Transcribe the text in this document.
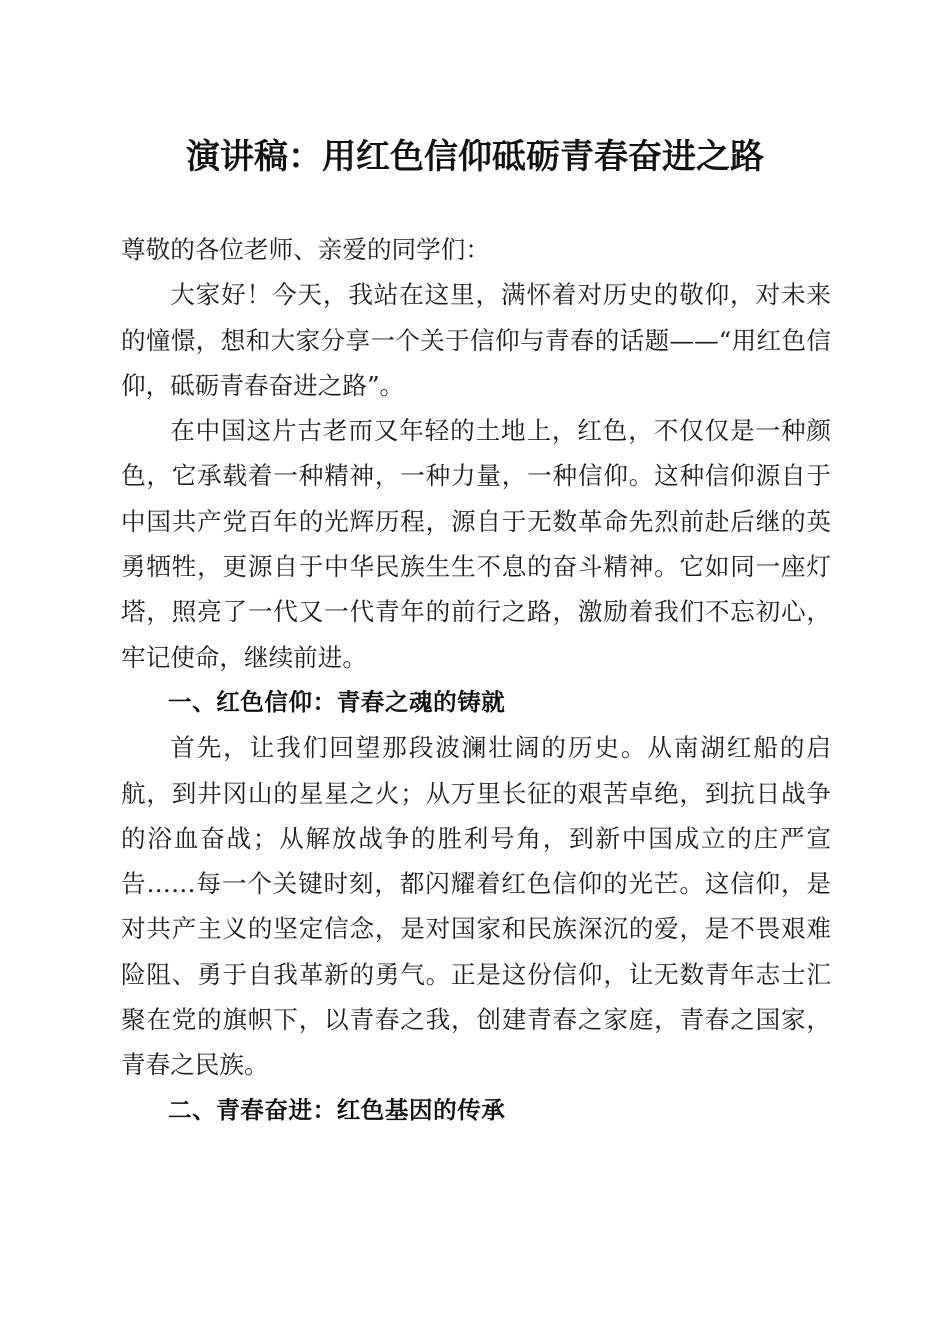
演讲稿：用红色信仰砥砺青春奋进之路

尊敬的各位老师、亲爱的同学们：

大家好！今天，我站在这里，满怀着对历史的敬仰，对未来的憧憬，想和大家分享一个关于信仰与青春的话题——“用红色信仰，砥砺青春奋进之路”。

在中国这片古老而又年轻的土地上，红色，不仅仅是一种颜色，它承载着一种精神，一种力量，一种信仰。这种信仰源自于中国共产党百年的光辉历程，源自于无数革命先烈前赴后继的英勇牺牲，更源自于中华民族生生不息的奋斗精神。它如同一座灯塔，照亮了一代又一代青年的前行之路，激励着我们不忘初心，牢记使命，继续前进。

一、红色信仰：青春之魂的铸就

首先，让我们回望那段波澜壮阔的历史。从南湖红船的启航，到井冈山的星星之火；从万里长征的艰苦卓绝，到抗日战争的浴血奋战；从解放战争的胜利号角，到新中国成立的庄严宣告……每一个关键时刻，都闪耀着红色信仰的光芒。这信仰，是对共产主义的坚定信念，是对国家和民族深沉的爱，是不畏艰难险阻、勇于自我革新的勇气。正是这份信仰，让无数青年志士汇聚在党的旗帜下，以青春之我，创建青春之家庭，青春之国家，青春之民族。

二、青春奋进：红色基因的传承
